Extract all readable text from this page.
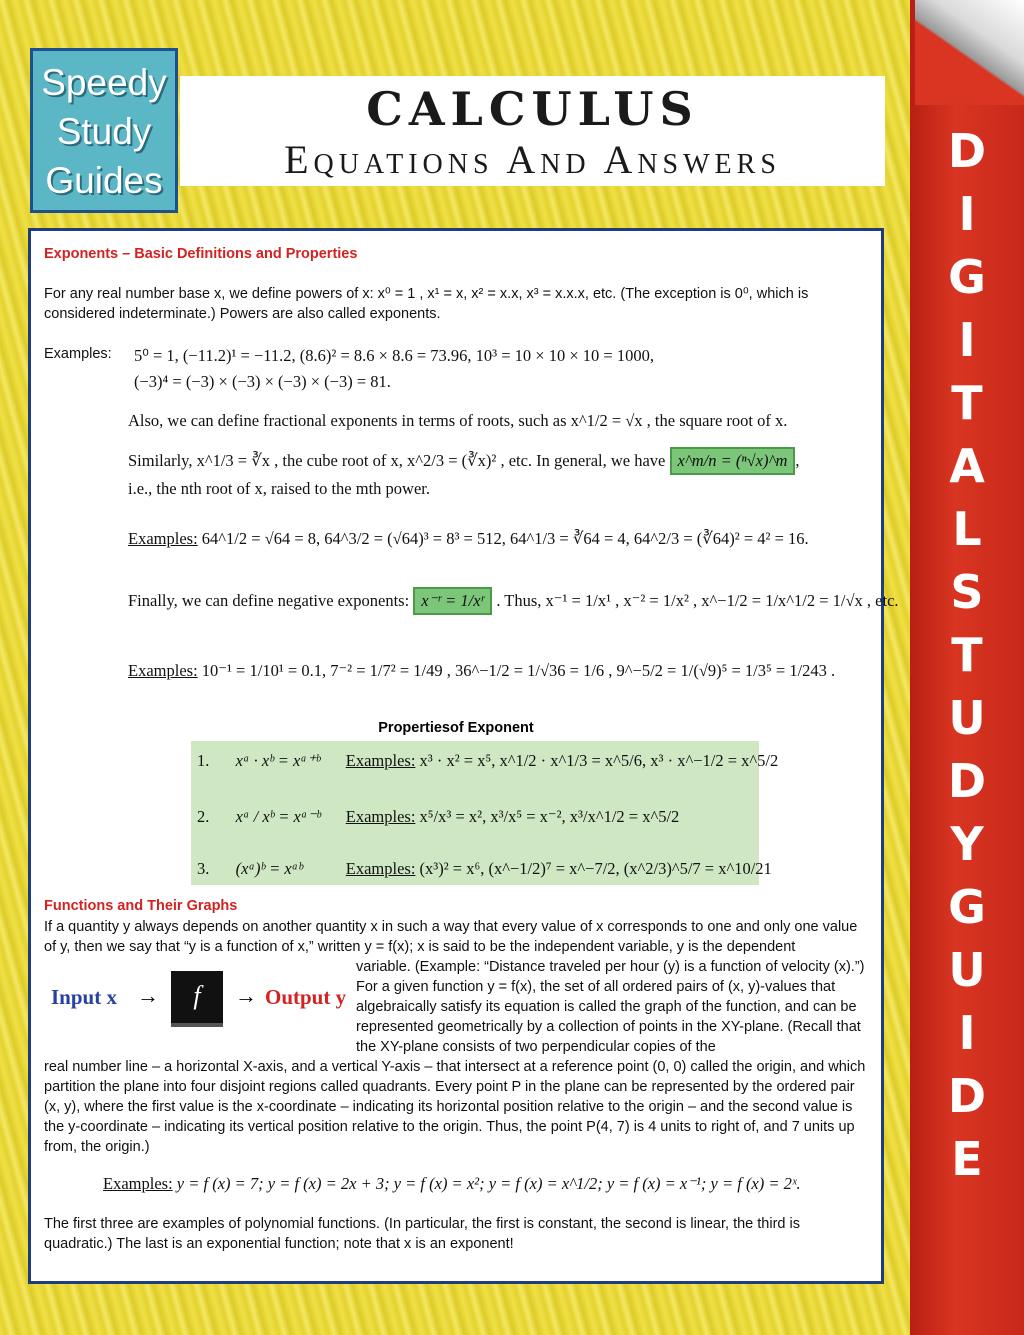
D
I
G
I
T
A
L
S
T
U
D
Y
G
U
I
D
E
Speedy
Study
Guides
CALCULUS
Equations And Answers
Exponents – Basic Definitions and Properties
For any real number base x, we define powers of x: x⁰ = 1 , x¹ = x, x² = x.x, x³ = x.x.x, etc. (The exception is 0⁰, which is considered indeterminate.) Powers are also called exponents.
Examples: 5⁰ = 1, (−11.2)¹ = −11.2, (8.6)² = 8.6 × 8.6 = 73.96, 10³ = 10 × 10 × 10 = 1000,
(−3)⁴ = (−3) × (−3) × (−3) × (−3) = 81.
Also, we can define fractional exponents in terms of roots, such as x^1/2 = √x , the square root of x.
Similarly, x^1/3 = ∛x , the cube root of x, x^2/3 = (∛x)² , etc. In general, we have x^m/n = (ⁿ√x)^m ,
i.e., the nth root of x, raised to the mth power.
Examples: 64^1/2 = √64 = 8, 64^3/2 = (√64)³ = 8³ = 512, 64^1/3 = ∛64 = 4, 64^2/3 = (∛64)² = 4² = 16.
Finally, we can define negative exponents: x⁻ʳ = 1/xʳ . Thus, x⁻¹ = 1/x¹ , x⁻² = 1/x² , x^−1/2 = 1/x^1/2 = 1/√x , etc.
Examples: 10⁻¹ = 1/10¹ = 0.1, 7⁻² = 1/7² = 1/49 , 36^−1/2 = 1/√36 = 1/6 , 9^−5/2 = 1/(√9)⁵ = 1/3⁵ = 1/243 .
Propertiesof Exponent
1. xᵃ · xᵇ = xᵃ⁺ᵇ Examples: x³ · x² = x⁵, x^1/2 · x^1/3 = x^5/6, x³ · x^−1/2 = x^5/2
2. xᵃ / xᵇ = xᵃ⁻ᵇ Examples: x⁵/x³ = x², x³/x⁵ = x⁻², x³/x^1/2 = x^5/2
3. (xᵃ)ᵇ = xᵃᵇ	Examples: (x³)² = x⁶, (x^−1/2)⁷ = x^−7/2, (x^2/3)^5/7 = x^10/21
Functions and Their Graphs
If a quantity y always depends on another quantity x in such a way that every value of x corresponds to one and only one value of y, then we say that “y is a function of x,” written y = f(x); x is said to be the independent variable, y is the dependent
Input x →	f	→ Output y
variable. (Example: “Distance traveled per hour (y) is a function of velocity (x).”) For a given function y = f(x), the set of all ordered pairs of (x, y)-values that algebraically satisfy its equation is called the graph of the function, and can be represented geometrically by a collection of points in the XY-plane. (Recall that the XY-plane consists of two perpendicular copies of the
real number line – a horizontal X-axis, and a vertical Y-axis – that intersect at a reference point (0, 0) called the origin, and which partition the plane into four disjoint regions called quadrants. Every point P in the plane can be represented by the ordered pair (x, y), where the first value is the x-coordinate – indicating its horizontal position relative to the origin – and the second value is the y-coordinate – indicating its vertical position relative to the origin. Thus, the point P(4, 7) is 4 units to right of, and 7 units up from, the origin.)
Examples: y = f (x) = 7; y = f (x) = 2x + 3; y = f (x) = x²; y = f (x) = x^1/2; y = f (x) = x⁻¹; y = f (x) = 2ˣ.
The first three are examples of polynomial functions. (In particular, the first is constant, the second is linear, the third is quadratic.) The last is an exponential function; note that x is an exponent!
